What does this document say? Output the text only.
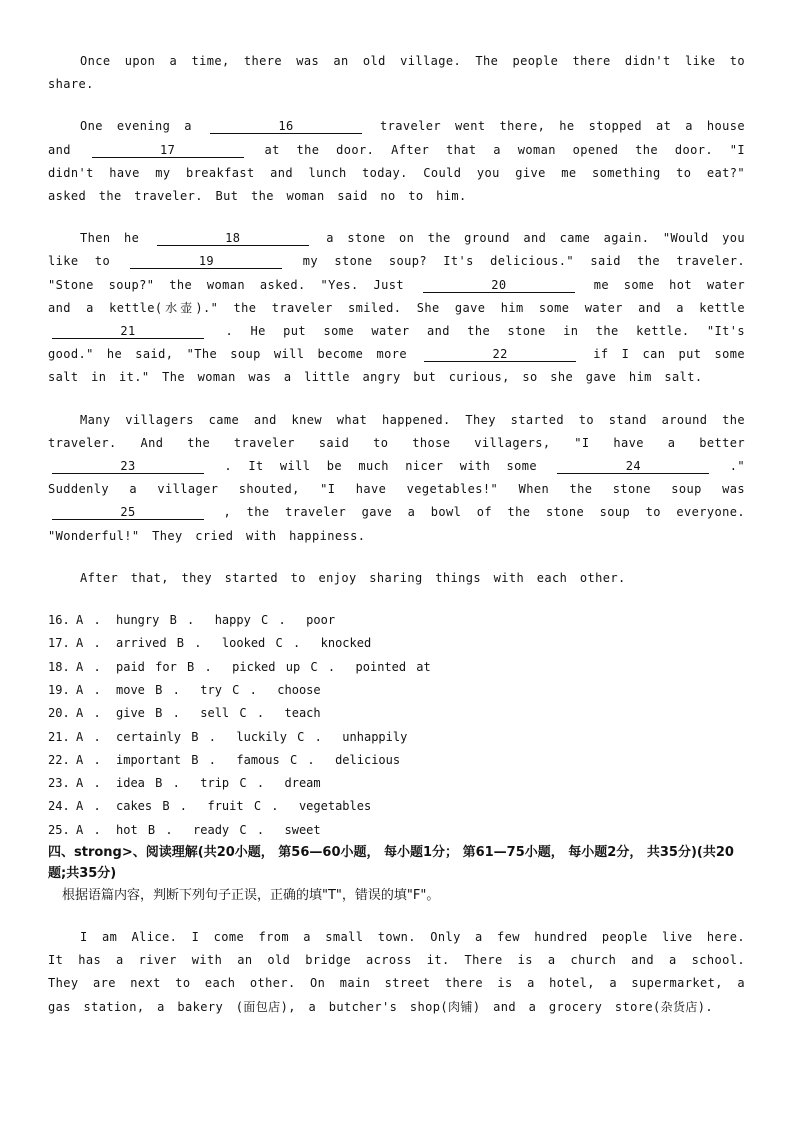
Once upon a time, there was an old village. The people there didn't like to share.

One evening a	16	traveler went there, he stopped at a house and	17	at the door. After that a woman opened the door. "I didn't have my breakfast and lunch today. Could you give me something to eat?" asked the traveler. But the woman said no to him.

Then he	18	a stone on the ground and came again. "Would you like to	19	my stone soup? It's delicious." said the traveler. "Stone soup?" the woman asked. "Yes. Just	20	me some hot water and a kettle(水壶)." the traveler smiled. She gave him some water and a kettle 21	. He put some water and the stone in the kettle. "It's good." he said, "The soup will become more	22	if I can put some salt in it." The woman was a little angry but curious, so she gave him salt.

Many villagers came and knew what happened. They started to stand around the traveler. And the traveler said to those villagers, "I have a better 23	. It will be much nicer with some	24	." Suddenly a villager shouted, "I have vegetables!" When the stone soup was 25	, the traveler gave a bowl of the stone soup to everyone. "Wonderful!" They cried with happiness.

After that, they started to enjoy sharing things with each other.

16. A . hungry B .  happy C .  poor
17. A . arrived B .  looked C .  knocked
18. A . paid for B .  picked up C .  pointed at
19. A . move B .  try C .  choose
20. A . give B .  sell C .  teach
21. A . certainly B .  luckily C .  unhappily
22. A . important B .  famous C .  delicious
23. A . idea B .  trip C .  dream
24. A . cakes B .  fruit C .  vegetables
25. A . hot B .  ready C .  sweet

四、strong>、阅读理解(共20小题， 第56—60小题， 每小题1分； 第61—75小题， 每小题2分， 共35分)(共20题;共35分)

根据语篇内容，判断下列句子正误，正确的填"T"，错误的填"F"。

I am Alice. I come from a small town. Only a few hundred people live here. It has a river with an old bridge across it. There is a church and a school. They are next to each other. On main street there is a hotel, a supermarket, a gas station, a bakery (面包店), a butcher's shop(肉铺) and a grocery store(杂货店).
